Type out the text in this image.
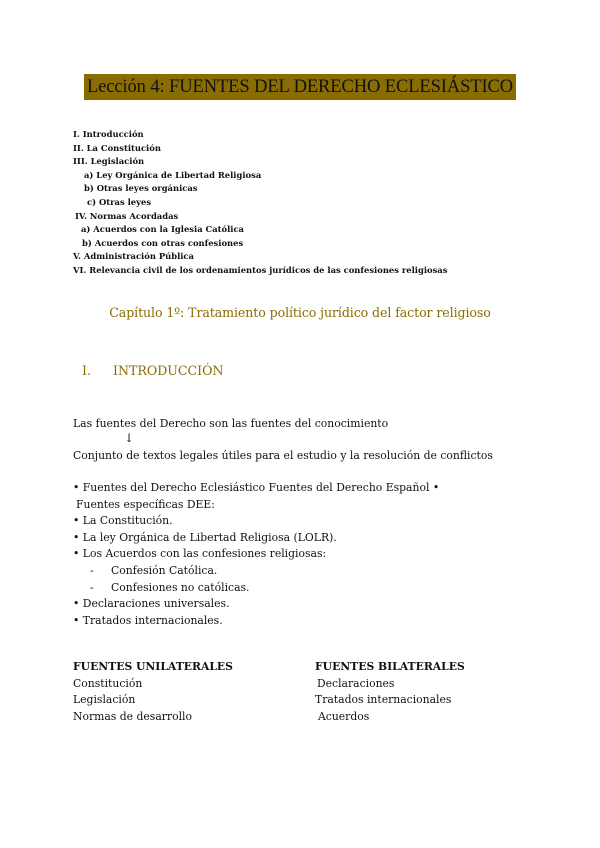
Lección 4: FUENTES DEL DERECHO ECLESIÁSTICO
I. Introducción
II. La Constitución
III. Legislación
a) Ley Orgánica de Libertad Religiosa
b) Otras leyes orgánicas
c) Otras leyes
IV. Normas Acordadas
a) Acuerdos con la Iglesia Católica
b) Acuerdos con otras confesiones
V. Administración Pública
VI. Relevancia civil de los ordenamientos jurídicos de las confesiones religiosas
Capítulo 1º: Tratamiento político jurídico del factor religioso
I.	INTRODUCCIÓN
Las fuentes del Derecho son las fuentes del conocimiento
↓
Conjunto de textos legales útiles para el estudio y la resolución de conflictos
• Fuentes del Derecho Eclesiástico Fuentes del Derecho Español •
Fuentes específicas DEE:
• La Constitución.
• La ley Orgánica de Libertad Religiosa (LOLR).
• Los Acuerdos con las confesiones religiosas:
- Confesión Católica.
- Confesiones no católicas.
• Declaraciones universales.
• Tratados internacionales.
FUENTES UNILATERALES
Constitución
Legislación
Normas de desarrollo
FUENTES BILATERALES
Declaraciones
Tratados internacionales
Acuerdos
